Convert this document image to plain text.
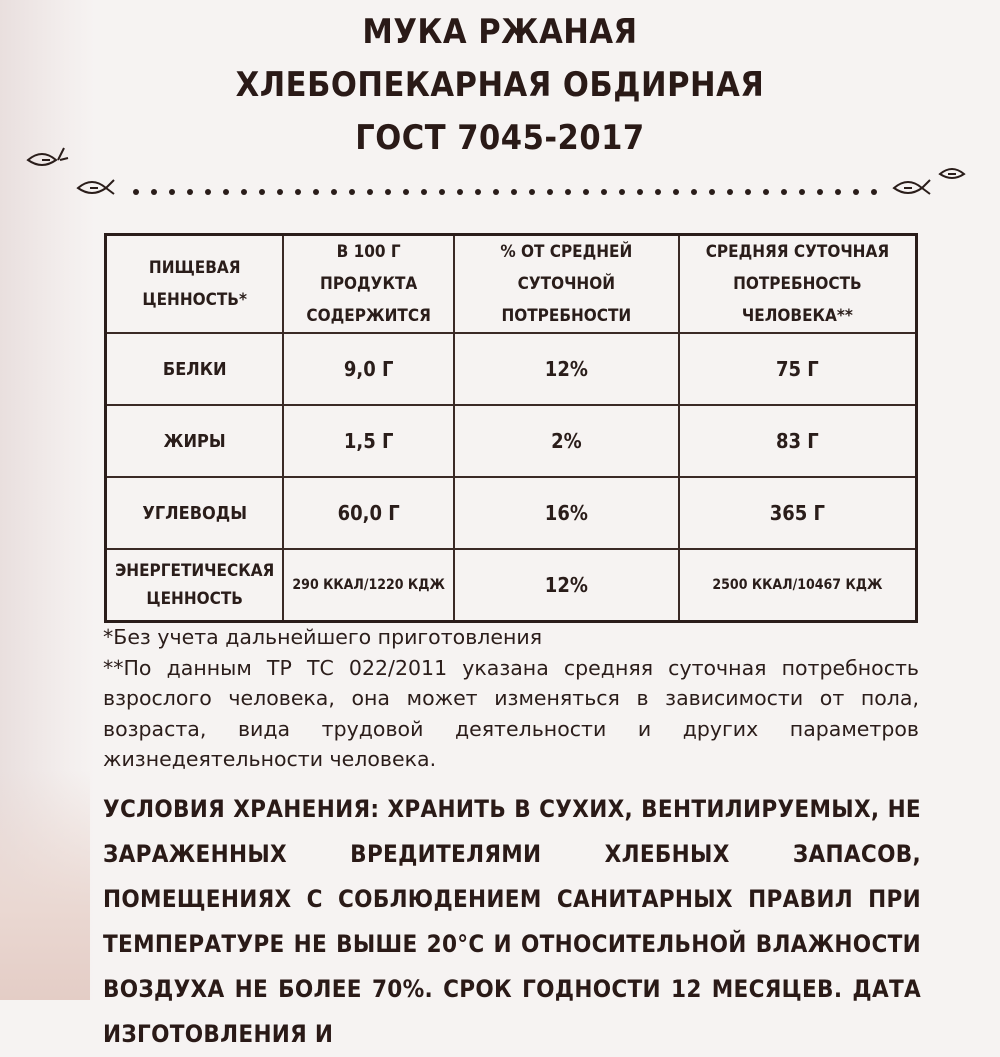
МУКА РЖАНАЯ
ХЛЕБОПЕКАРНАЯ ОБДИРНАЯ
ГОСТ 7045-2017
ПИЩЕВАЯ ЦЕННОСТЬ*	В 100 Г ПРОДУКТА СОДЕРЖИТСЯ	% ОТ СРЕДНЕЙ СУТОЧНОЙ ПОТРЕБНОСТИ	СРЕДНЯЯ СУТОЧНАЯ ПОТРЕБНОСТЬ ЧЕЛОВЕКА**
БЕЛКИ	9,0 Г	12%	75 Г
ЖИРЫ	1,5 Г	2%	83 Г
УГЛЕВОДЫ	60,0 Г	16%	365 Г
ЭНЕРГЕТИЧЕСКАЯ ЦЕННОСТЬ	290 ККАЛ/1220 КДЖ	12%	2500 ККАЛ/10467 КДЖ

*Без учета дальнейшего приготовления

**По данным ТР ТС 022/2011 указана средняя суточная потребность взрослого человека, она может изменяться в зависимости от пола, возраста, вида трудовой деятельности и других параметров жизнедеятельности человека.

УСЛОВИЯ ХРАНЕНИЯ: ХРАНИТЬ В СУХИХ, ВЕНТИЛИРУЕМЫХ, НЕ ЗАРАЖЕННЫХ ВРЕДИТЕЛЯМИ ХЛЕБНЫХ ЗАПАСОВ, ПОМЕЩЕНИЯХ С СОБЛЮДЕНИЕМ САНИТАРНЫХ ПРАВИЛ ПРИ ТЕМПЕРАТУРЕ НЕ ВЫШЕ 20°С И ОТНОСИТЕЛЬНОЙ ВЛАЖНОСТИ ВОЗДУХА НЕ БОЛЕЕ 70%. СРОК ГОДНОСТИ 12 МЕСЯЦЕВ. ДАТА ИЗГОТОВЛЕНИЯ И
